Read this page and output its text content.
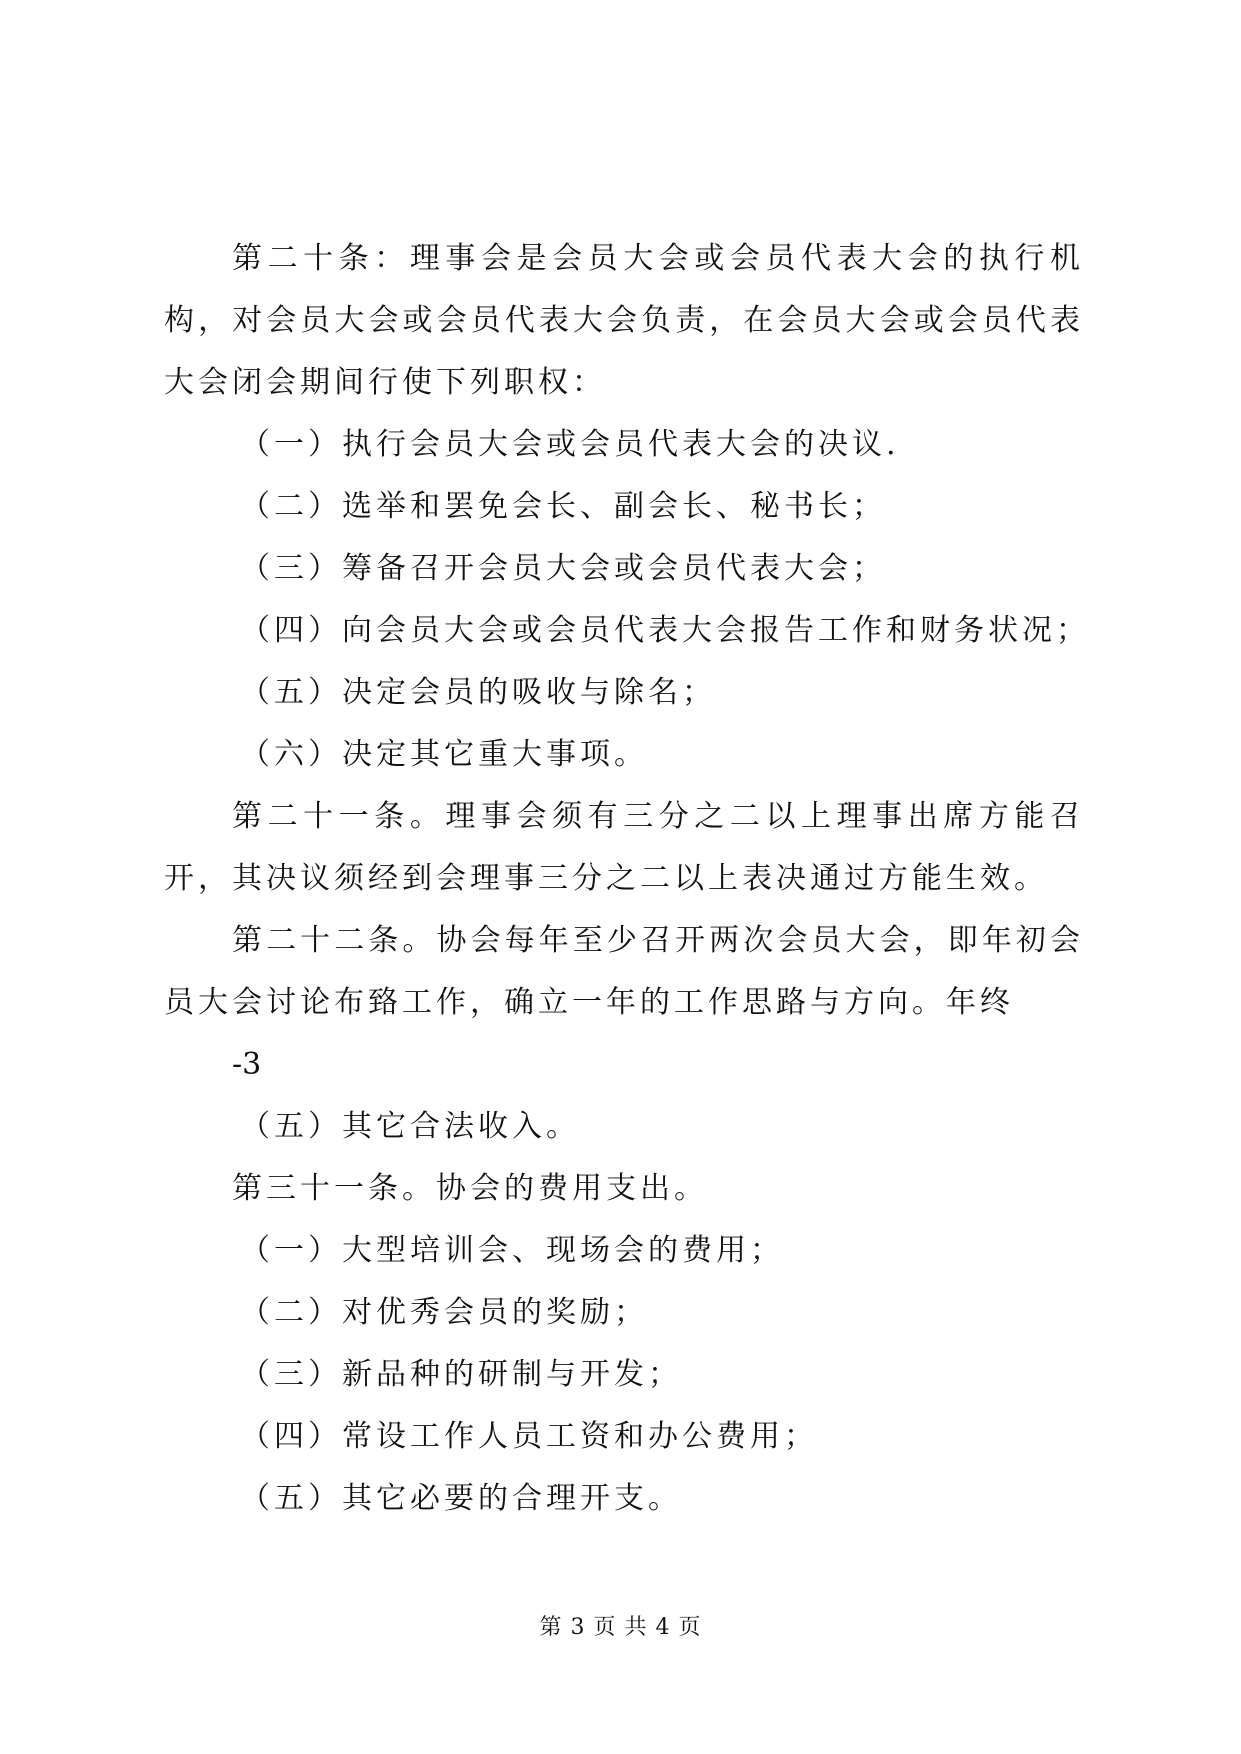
第二十条：理事会是会员大会或会员代表大会的执行机构，对会员大会或会员代表大会负责，在会员大会或会员代表大会闭会期间行使下列职权：

（一）执行会员大会或会员代表大会的决议.

（二）选举和罢免会长、副会长、秘书长；

（三）筹备召开会员大会或会员代表大会；

（四）向会员大会或会员代表大会报告工作和财务状况；

（五）决定会员的吸收与除名；

（六）决定其它重大事项。

第二十一条。理事会须有三分之二以上理事出席方能召开，其决议须经到会理事三分之二以上表决通过方能生效。

第二十二条。协会每年至少召开两次会员大会，即年初会员大会讨论布臵工作，确立一年的工作思路与方向。年终

-3

（五）其它合法收入。

第三十一条。协会的费用支出。

（一）大型培训会、现场会的费用；

（二）对优秀会员的奖励；

（三）新品种的研制与开发；

（四）常设工作人员工资和办公费用；

（五）其它必要的合理开支。

第 3 页 共 4 页
